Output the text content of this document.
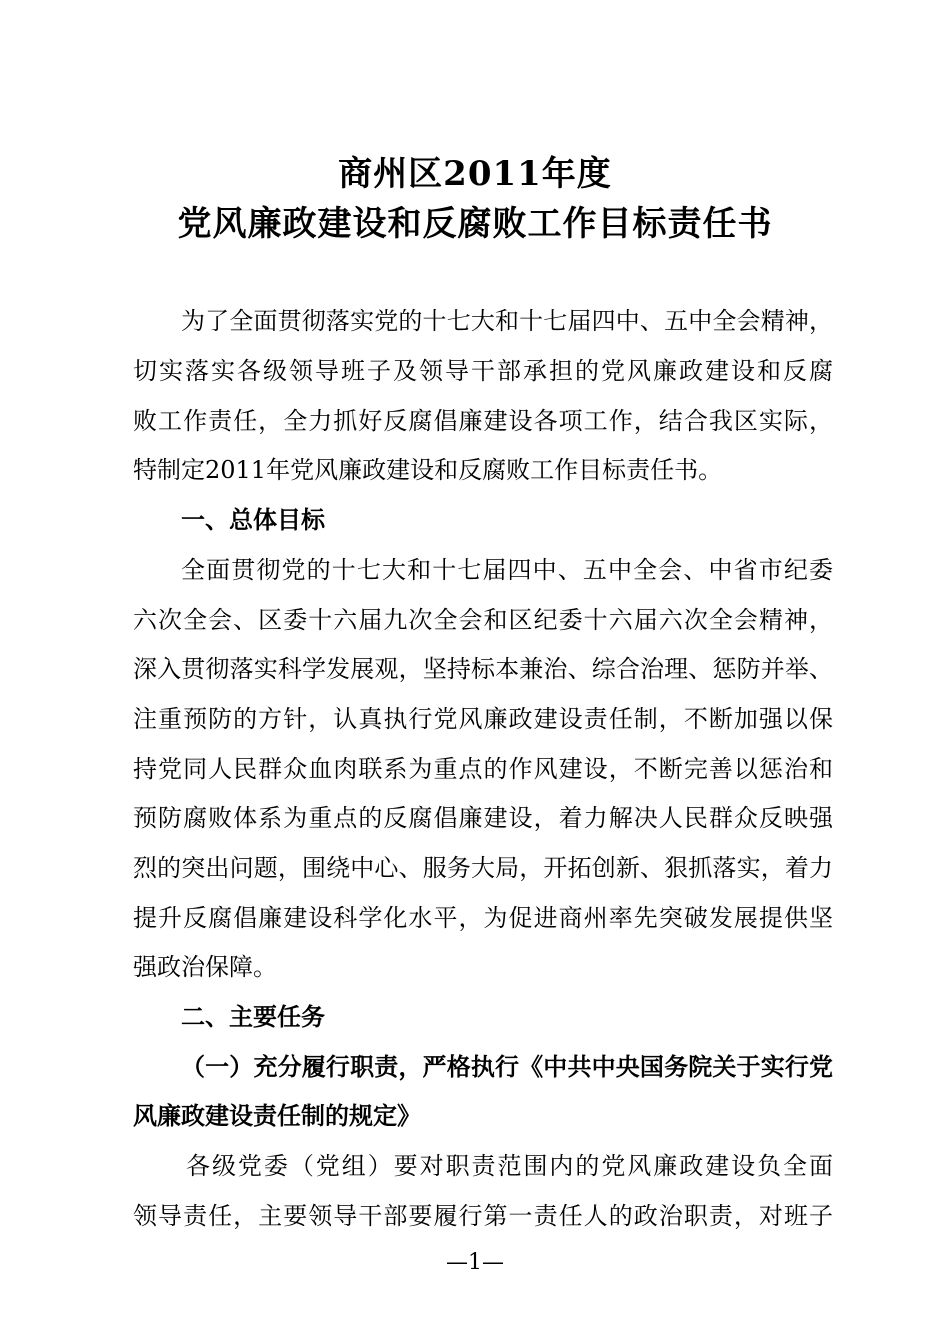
商州区2011年度
党风廉政建设和反腐败工作目标责任书

为了全面贯彻落实党的十七大和十七届四中、五中全会精神，

切实落实各级领导班子及领导干部承担的党风廉政建设和反腐

败工作责任，全力抓好反腐倡廉建设各项工作，结合我区实际，

特制定2011年党风廉政建设和反腐败工作目标责任书。

一、总体目标

全面贯彻党的十七大和十七届四中、五中全会、中省市纪委

六次全会、区委十六届九次全会和区纪委十六届六次全会精神，

深入贯彻落实科学发展观，坚持标本兼治、综合治理、惩防并举、

注重预防的方针，认真执行党风廉政建设责任制，不断加强以保

持党同人民群众血肉联系为重点的作风建设，不断完善以惩治和

预防腐败体系为重点的反腐倡廉建设，着力解决人民群众反映强

烈的突出问题，围绕中心、服务大局，开拓创新、狠抓落实，着力

提升反腐倡廉建设科学化水平，为促进商州率先突破发展提供坚

强政治保障。

二、主要任务

（一）充分履行职责，严格执行《中共中央国务院关于实行党

风廉政建设责任制的规定》

各级党委（党组）要对职责范围内的党风廉政建设负全面

领导责任，主要领导干部要履行第一责任人的政治职责，对班子

—1—
